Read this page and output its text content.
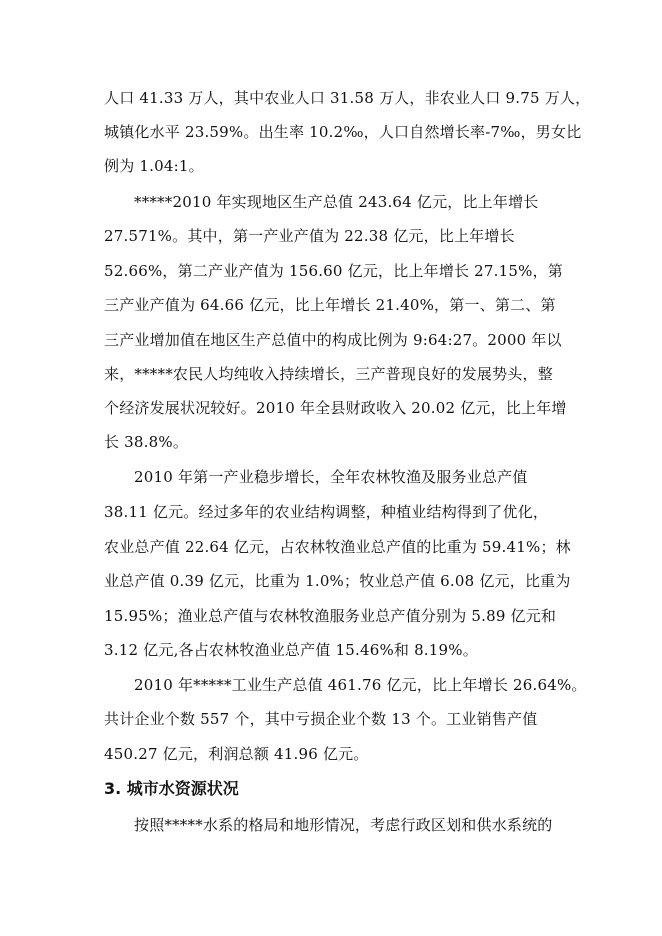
人口 41.33 万人，其中农业人口 31.58 万人，非农业人口 9.75 万人，
城镇化水平 23.59%。出生率 10.2‰，人口自然增长率-7‰，男女比
例为 1.04:1。
*****2010 年实现地区生产总值 243.64 亿元，比上年增长
27.571%。其中，第一产业产值为 22.38 亿元，比上年增长
52.66%，第二产业产值为 156.60 亿元，比上年增长 27.15%，第
三产业产值为 64.66 亿元，比上年增长 21.40%，第一、第二、第
三产业增加值在地区生产总值中的构成比例为 9:64:27。2000 年以
来，*****农民人均纯收入持续增长，三产普现良好的发展势头，整
个经济发展状况较好。2010 年全县财政收入 20.02 亿元，比上年增
长 38.8%。
2010 年第一产业稳步增长，全年农林牧渔及服务业总产值
38.11 亿元。经过多年的农业结构调整，种植业结构得到了优化，
农业总产值 22.64 亿元，占农林牧渔业总产值的比重为 59.41%；林
业总产值 0.39 亿元，比重为 1.0%；牧业总产值 6.08 亿元，比重为
15.95%；渔业总产值与农林牧渔服务业总产值分别为 5.89 亿元和
3.12 亿元,各占农林牧渔业总产值 15.46%和 8.19%。
2010 年*****工业生产总值 461.76 亿元，比上年增长 26.64%。
共计企业个数 557 个，其中亏损企业个数 13 个。工业销售产值
450.27 亿元，利润总额 41.96 亿元。
3. 城市水资源状况
按照*****水系的格局和地形情况，考虑行政区划和供水系统的
